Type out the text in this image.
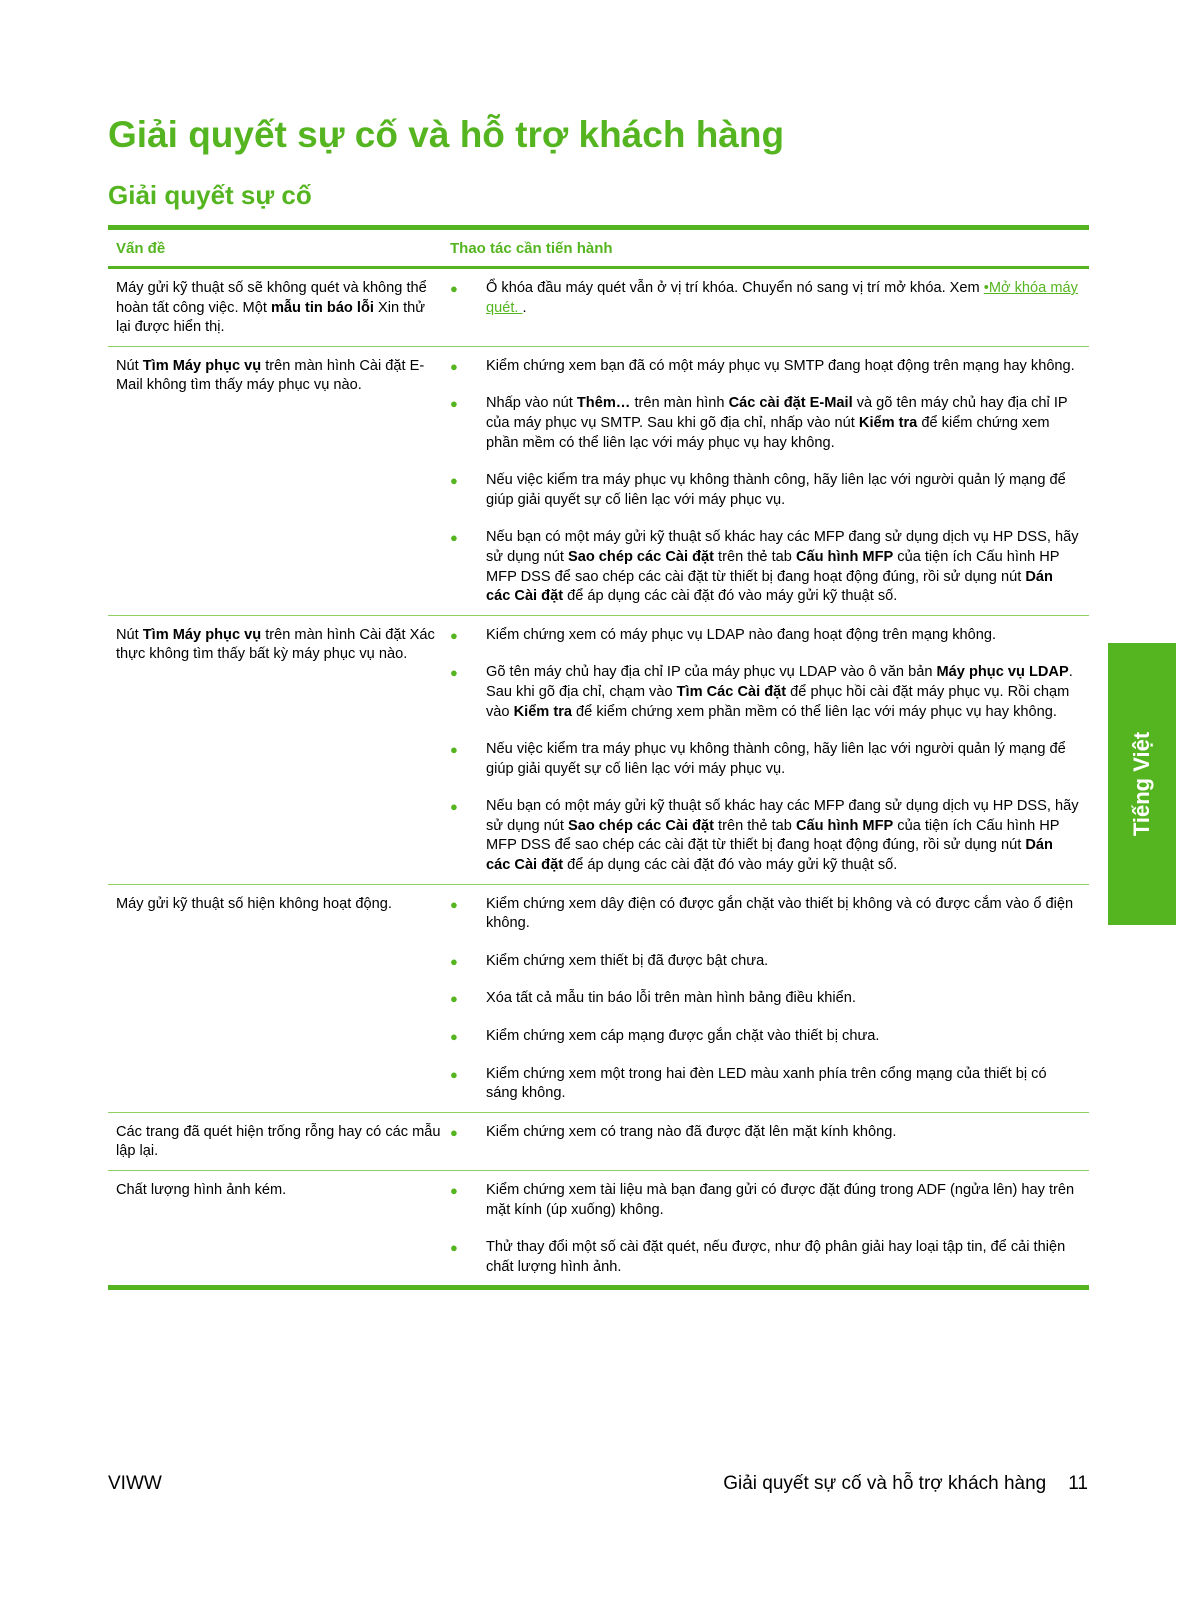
Giải quyết sự cố và hỗ trợ khách hàng
Giải quyết sự cố
Vấn đề	Thao tác cần tiến hành
Máy gửi kỹ thuật số sẽ không quét và không thể hoàn tất công việc. Một mẫu tin báo lỗi Xin thử lại được hiển thị.
●	Ổ khóa đầu máy quét vẫn ở vị trí khóa. Chuyển nó sang vị trí mở khóa. Xem •Mở khóa máy quét. .
Nút Tìm Máy phục vụ trên màn hình Cài đặt E-Mail không tìm thấy máy phục vụ nào.
●	Kiểm chứng xem bạn đã có một máy phục vụ SMTP đang hoạt động trên mạng hay không.
●	Nhấp vào nút Thêm… trên màn hình Các cài đặt E-Mail và gõ tên máy chủ hay địa chỉ IP của máy phục vụ SMTP. Sau khi gõ địa chỉ, nhấp vào nút Kiểm tra để kiểm chứng xem phần mềm có thể liên lạc với máy phục vụ hay không.
●	Nếu việc kiểm tra máy phục vụ không thành công, hãy liên lạc với người quản lý mạng để giúp giải quyết sự cố liên lạc với máy phục vụ.
●	Nếu bạn có một máy gửi kỹ thuật số khác hay các MFP đang sử dụng dịch vụ HP DSS, hãy sử dụng nút Sao chép các Cài đặt trên thẻ tab Cấu hình MFP của tiện ích Cấu hình HP MFP DSS để sao chép các cài đặt từ thiết bị đang hoạt động đúng, rồi sử dụng nút Dán các Cài đặt để áp dụng các cài đặt đó vào máy gửi kỹ thuật số.
Nút Tìm Máy phục vụ trên màn hình Cài đặt Xác thực không tìm thấy bất kỳ máy phục vụ nào.
●	Kiểm chứng xem có máy phục vụ LDAP nào đang hoạt động trên mạng không.
●	Gõ tên máy chủ hay địa chỉ IP của máy phục vụ LDAP vào ô văn bản Máy phục vụ LDAP. Sau khi gõ địa chỉ, chạm vào Tìm Các Cài đặt để phục hồi cài đặt máy phục vụ. Rồi chạm vào Kiểm tra để kiểm chứng xem phần mềm có thể liên lạc với máy phục vụ hay không.
●	Nếu việc kiểm tra máy phục vụ không thành công, hãy liên lạc với người quản lý mạng để giúp giải quyết sự cố liên lạc với máy phục vụ.
●	Nếu bạn có một máy gửi kỹ thuật số khác hay các MFP đang sử dụng dịch vụ HP DSS, hãy sử dụng nút Sao chép các Cài đặt trên thẻ tab Cấu hình MFP của tiện ích Cấu hình HP MFP DSS để sao chép các cài đặt từ thiết bị đang hoạt động đúng, rồi sử dụng nút Dán các Cài đặt để áp dụng các cài đặt đó vào máy gửi kỹ thuật số.
Máy gửi kỹ thuật số hiện không hoạt động.	●	Kiểm chứng xem dây điện có được gắn chặt vào thiết bị không và có được cắm vào ổ điện không.
●	Kiểm chứng xem thiết bị đã được bật chưa.
●	Xóa tất cả mẫu tin báo lỗi trên màn hình bảng điều khiển.
●	Kiểm chứng xem cáp mạng được gắn chặt vào thiết bị chưa.
●	Kiểm chứng xem một trong hai đèn LED màu xanh phía trên cổng mạng của thiết bị có sáng không.
Các trang đã quét hiện trống rỗng hay có các mẫu lập lại.
●	Kiểm chứng xem có trang nào đã được đặt lên mặt kính không.
Chất lượng hình ảnh kém.	●	Kiểm chứng xem tài liệu mà bạn đang gửi có được đặt đúng trong ADF (ngửa lên) hay trên mặt kính (úp xuống) không.
●	Thử thay đổi một số cài đặt quét, nếu được, như độ phân giải hay loại tập tin, để cải thiện chất lượng hình ảnh.
Tiếng Việt
VIWW	Giải quyết sự cố và hỗ trợ khách hàng 11
